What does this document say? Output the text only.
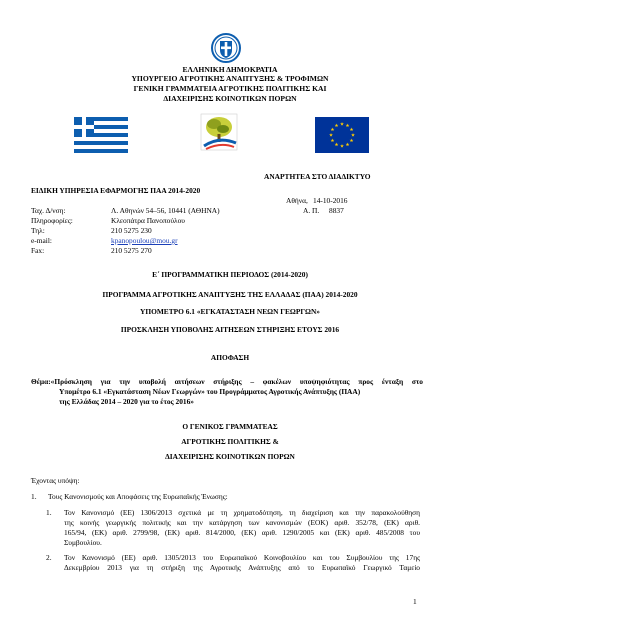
ΕΛΛΗΝΙΚΗ ΔΗΜΟΚΡΑΤΙΑ
ΥΠΟΥΡΓΕΙΟ ΑΓΡΟΤΙΚΗΣ ΑΝΑΠΤΥΞΗΣ & ΤΡΟΦΙΜΩΝ
ΓΕΝΙΚΗ ΓΡΑΜΜΑΤΕΙΑ ΑΓΡΟΤΙΚΗΣ ΠΟΛΙΤΙΚΗΣ ΚΑΙ
ΔΙΑΧΕΙΡΙΣΗΣ ΚΟΙΝΟΤΙΚΩΝ ΠΟΡΩΝ
ΑΝΑΡΤΗΤΕΑ ΣΤΟ ΔΙΑΔΙΚΤΥΟ
ΕΙΔΙΚΗ ΥΠΗΡΕΣΙΑ ΕΦΑΡΜΟΓΗΣ ΠΑΑ 2014-2020
Αθήνα, 14-10-2016
Α. Π. 8837
Ταχ. Δ/νση:	Λ. Αθηνών 54–56, 10441 (ΑΘΗΝΑ)
Πληροφορίες:	Κλεοπάτρα Πανοπούλου
Τηλ:	210 5275 230
e-mail:	kpanopoulou@mou.gr
Fax:	210 5275 270
Ε΄ ΠΡΟΓΡΑΜΜΑΤΙΚΗ ΠΕΡΙΟΔΟΣ (2014-2020)
ΠΡΟΓΡΑΜΜΑ ΑΓΡΟΤΙΚΗΣ ΑΝΑΠΤΥΞΗΣ ΤΗΣ ΕΛΛΑΔΑΣ (ΠΑΑ) 2014-2020
ΥΠΟΜΕΤΡΟ 6.1 «ΕΓΚΑΤΑΣΤΑΣΗ ΝΕΩΝ ΓΕΩΡΓΩΝ»
ΠΡΟΣΚΛΗΣΗ ΥΠΟΒΟΛΗΣ ΑΙΤΗΣΕΩΝ ΣΤΗΡΙΞΗΣ ΕΤΟΥΣ 2016
ΑΠΟΦΑΣΗ
Θέμα:«Πρόσκληση για την υποβολή αιτήσεων στήριξης – φακέλων υποψηφιότητας προς ένταξη στο
Υπομέτρο 6.1 «Εγκατάσταση Νέων Γεωργών» του Προγράμματος Αγροτικής Ανάπτυξης (ΠΑΑ)
της Ελλάδας 2014 – 2020 για το έτος 2016»
Ο ΓΕΝΙΚΟΣ ΓΡΑΜΜΑΤΕΑΣ
ΑΓΡΟΤΙΚΗΣ ΠΟΛΙΤΙΚΗΣ &
ΔΙΑΧΕΙΡΙΣΗΣ ΚΟΙΝΟΤΙΚΩΝ ΠΟΡΩΝ
Έχοντας υπόψη:
1. Τους Κανονισμούς και Αποφάσεις της Ευρωπαϊκής Ένωσης:
1. Τον Κανονισμό (ΕΕ) 1306/2013 σχετικά με τη χρηματοδότηση, τη διαχείριση και την παρακολούθηση
της κοινής γεωργικής πολιτικής και την κατάργηση των κανονισμών (ΕΟΚ) αριθ. 352/78, (ΕΚ) αριθ.
165/94, (ΕΚ) αριθ. 2799/98, (ΕΚ) αριθ. 814/2000, (ΕΚ) αριθ. 1290/2005 και (ΕΚ) αριθ. 485/2008 του
Συμβουλίου.
2. Τον Κανονισμό (ΕΕ) αριθ. 1305/2013 του Ευρωπαϊκού Κοινοβουλίου και του Συμβουλίου της 17ης
Δεκεμβρίου 2013 για τη στήριξη της Αγροτικής Ανάπτυξης από το Ευρωπαϊκό Γεωργικό Ταμείο
1
